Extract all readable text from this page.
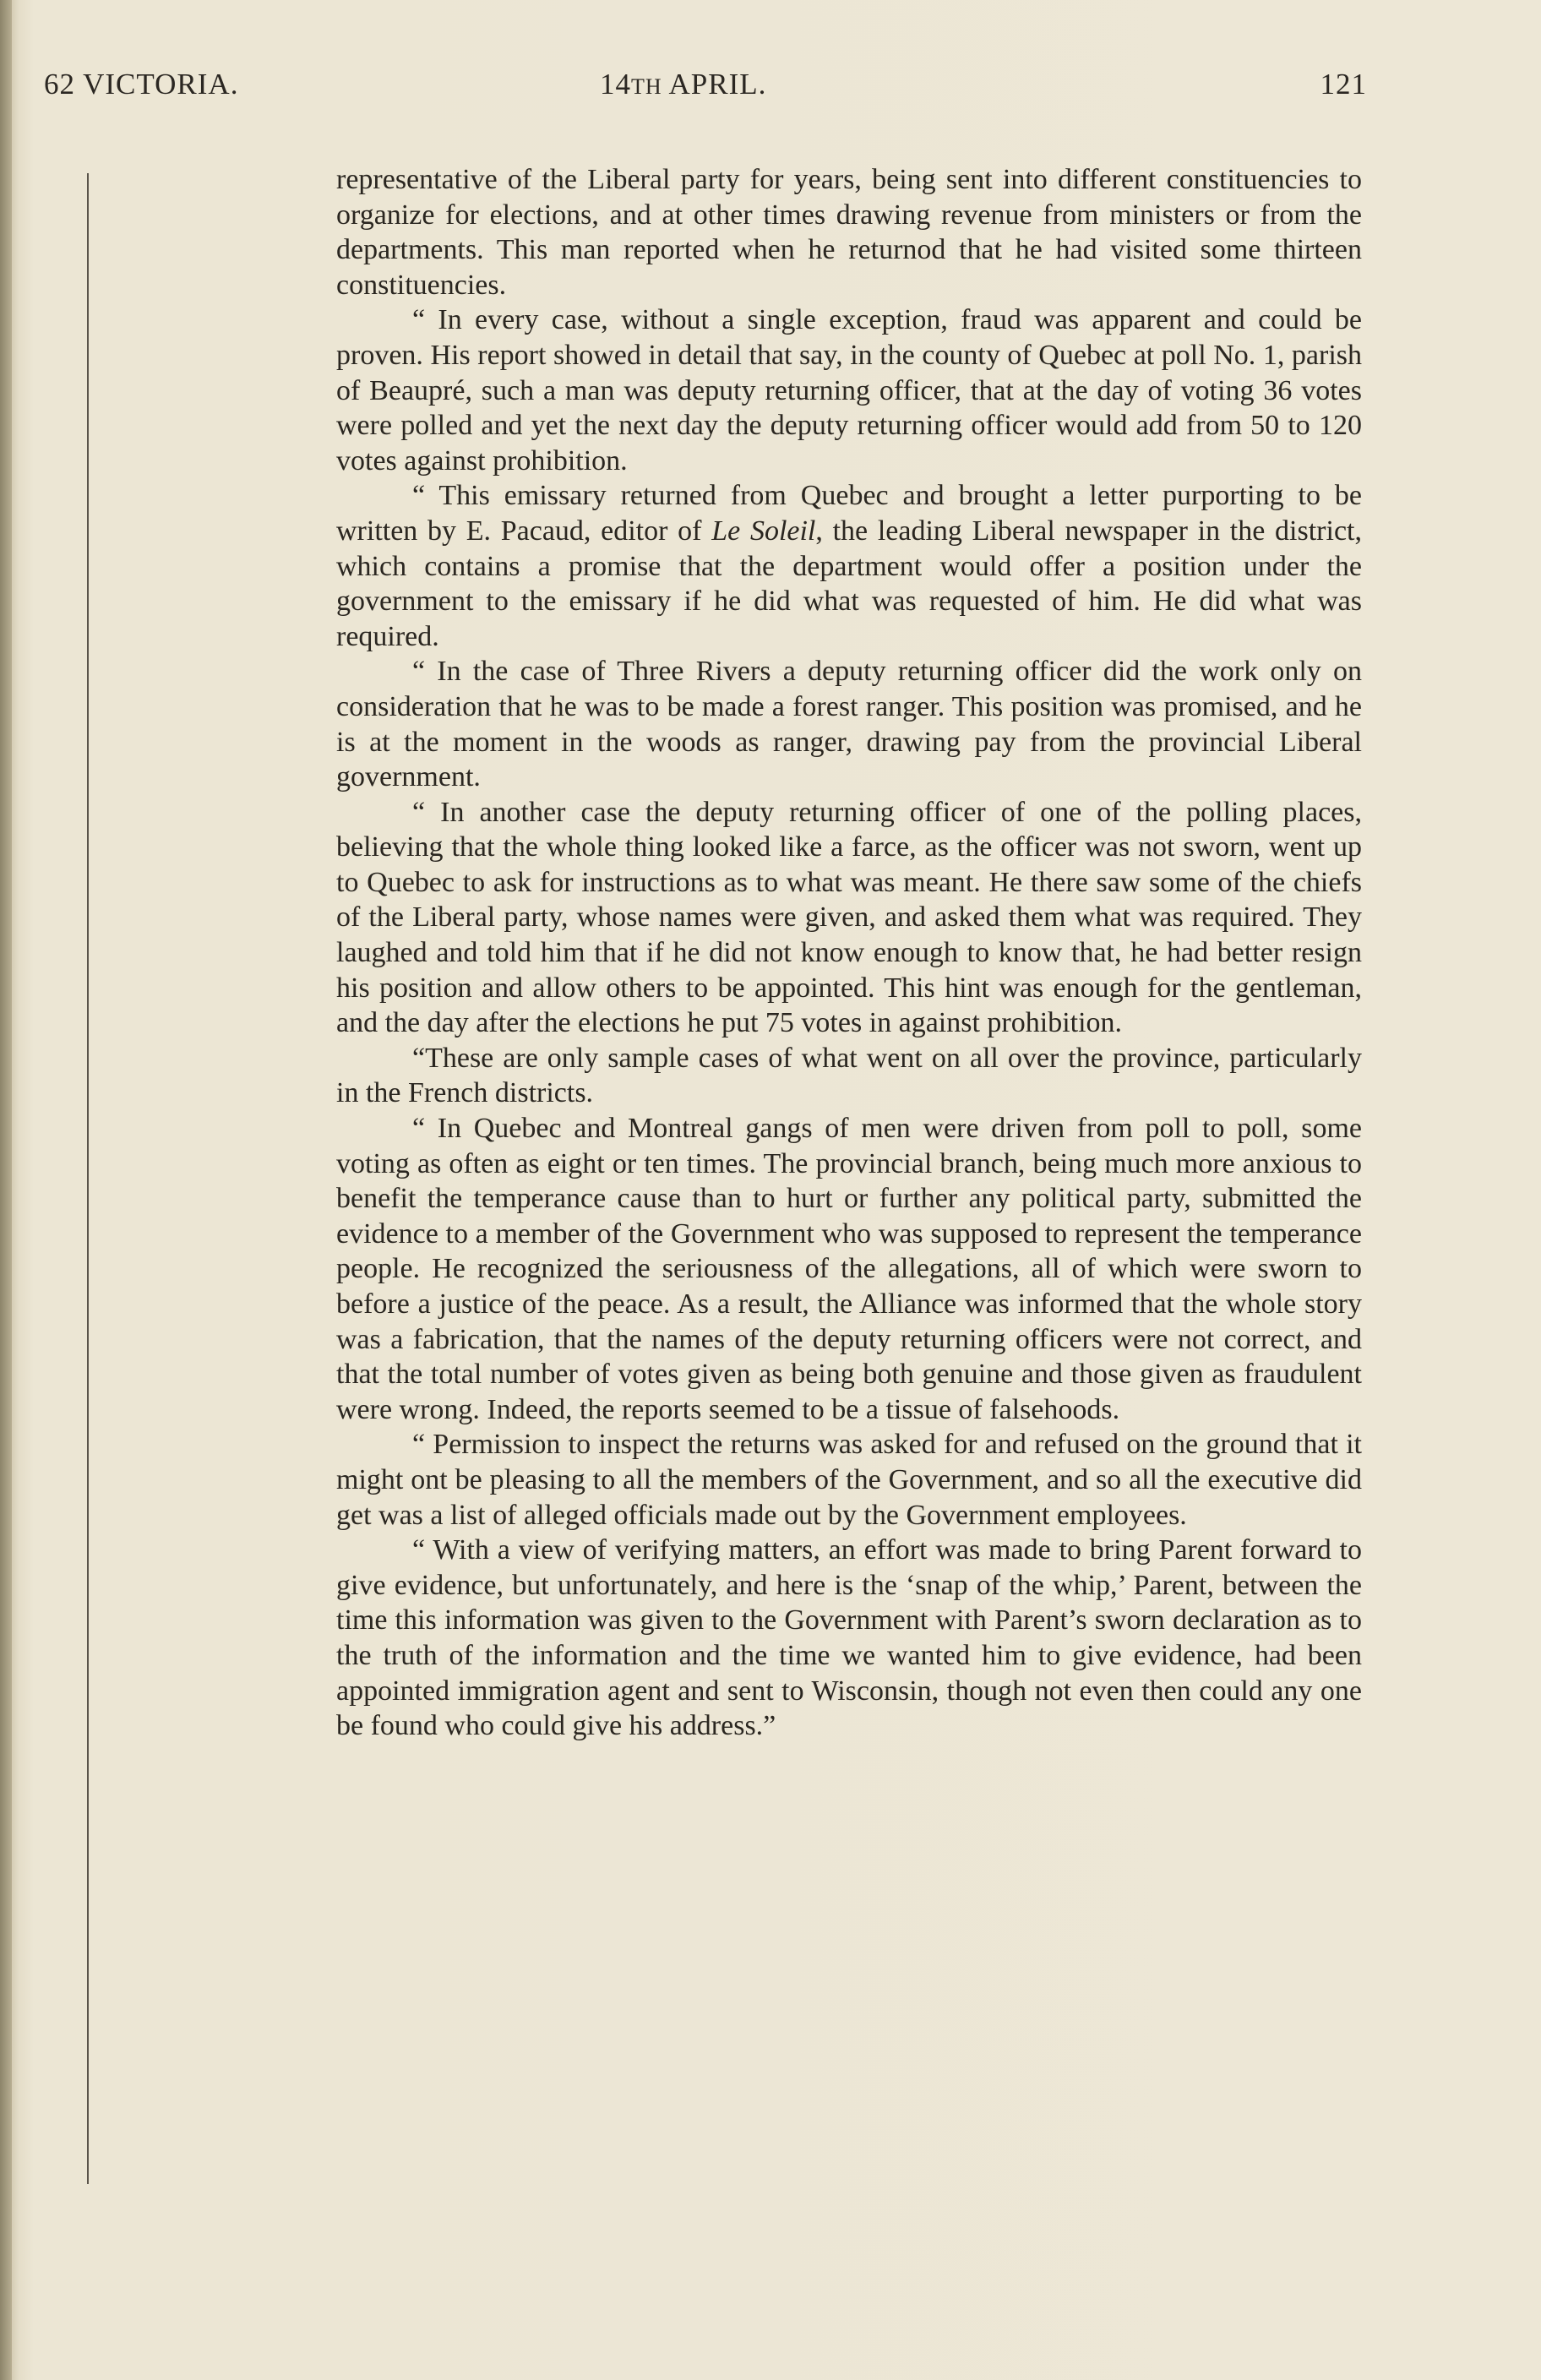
62 VICTORIA.	14TH APRIL.	121

representative of the Liberal party for years, being sent into different constituencies to organize for elections, and at other times drawing revenue from ministers or from the departments. This man reported when he returnod that he had visited some thirteen constituencies.

“ In every case, without a single exception, fraud was apparent and could be proven. His report showed in detail that say, in the county of Quebec at poll No. 1, parish of Beaupré, such a man was deputy returning officer, that at the day of voting 36 votes were polled and yet the next day the deputy returning officer would add from 50 to 120 votes against prohibition.

“ This emissary returned from Quebec and brought a letter purporting to be written by E. Pacaud, editor of Le Soleil, the leading Liberal newspaper in the district, which contains a promise that the department would offer a position under the government to the emissary if he did what was requested of him. He did what was required.

“ In the case of Three Rivers a deputy returning officer did the work only on consideration that he was to be made a forest ranger. This position was promised, and he is at the moment in the woods as ranger, drawing pay from the provincial Liberal government.

“ In another case the deputy returning officer of one of the polling places, believing that the whole thing looked like a farce, as the officer was not sworn, went up to Quebec to ask for instructions as to what was meant. He there saw some of the chiefs of the Liberal party, whose names were given, and asked them what was required. They laughed and told him that if he did not know enough to know that, he had better resign his position and allow others to be appointed. This hint was enough for the gentleman, and the day after the elections he put 75 votes in against prohibition.

“These are only sample cases of what went on all over the province, particularly in the French districts.

“ In Quebec and Montreal gangs of men were driven from poll to poll, some voting as often as eight or ten times. The provincial branch, being much more anxious to benefit the temperance cause than to hurt or further any political party, submitted the evidence to a member of the Government who was supposed to represent the temperance people. He recognized the seriousness of the allegations, all of which were sworn to before a justice of the peace. As a result, the Alliance was informed that the whole story was a fabrication, that the names of the deputy returning officers were not correct, and that the total number of votes given as being both genuine and those given as fraudulent were wrong. Indeed, the reports seemed to be a tissue of falsehoods.

“ Permission to inspect the returns was asked for and refused on the ground that it might ont be pleasing to all the members of the Government, and so all the executive did get was a list of alleged officials made out by the Government employees.

“ With a view of verifying matters, an effort was made to bring Parent forward to give evidence, but unfortunately, and here is the ‘snap of the whip,’ Parent, between the time this information was given to the Government with Parent’s sworn declaration as to the truth of the information and the time we wanted him to give evidence, had been appointed immigration agent and sent to Wisconsin, though not even then could any one be found who could give his address.”
